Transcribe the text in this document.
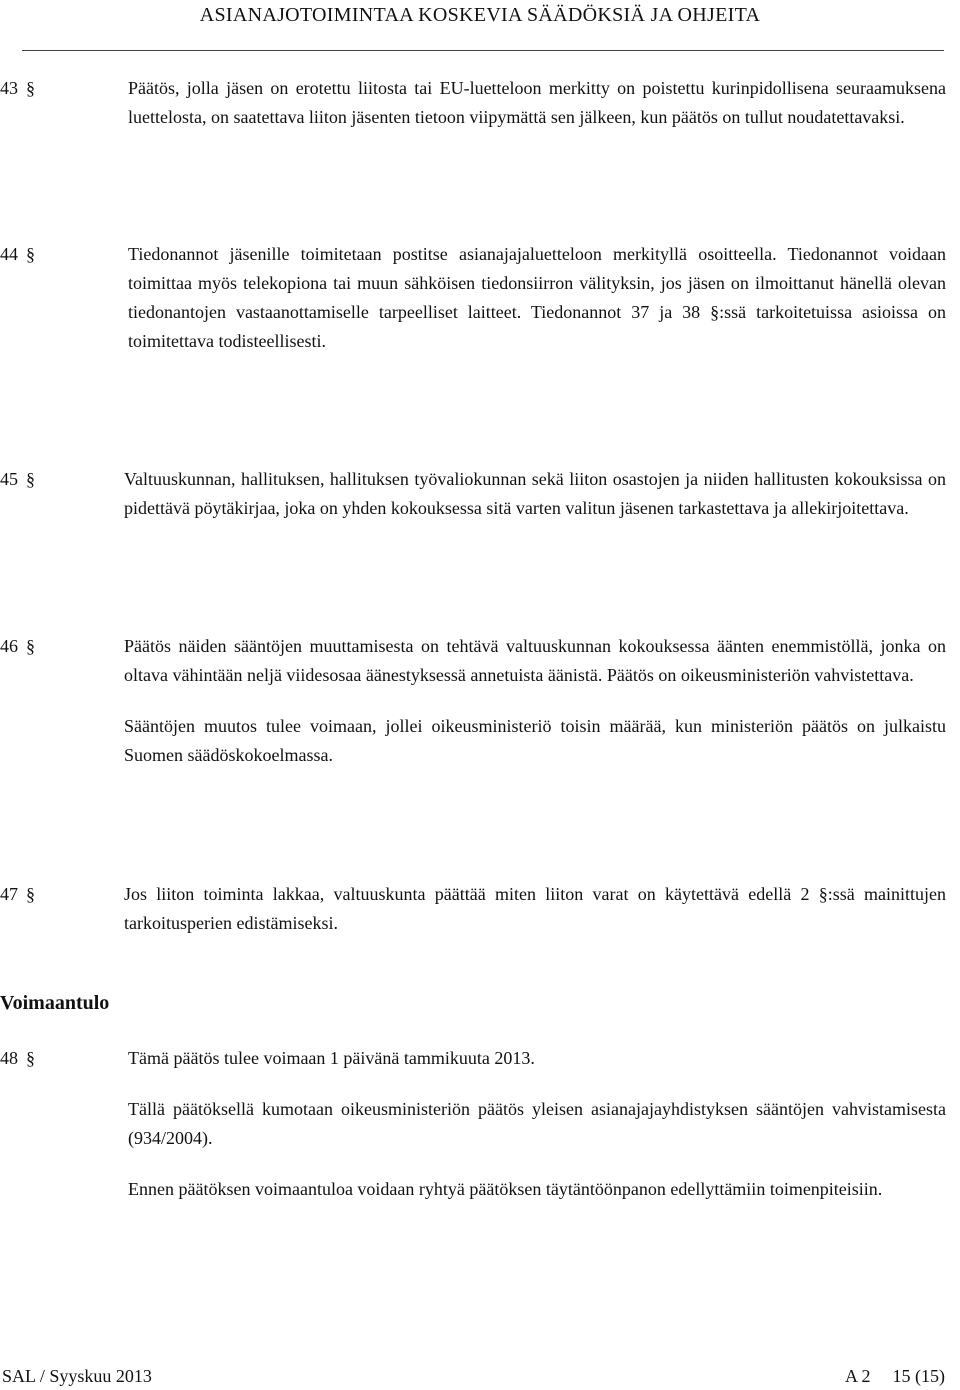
ASIANAJOTOIMINTAA KOSKEVIA SÄÄDÖKSIÄ JA OHJEITA
43 §	Päätös, jolla jäsen on erotettu liitosta tai EU-luetteloon merkitty on poistettu kurinpidollisena seuraamuksena luettelosta, on saatettava liiton jäsenten tietoon viipymättä sen jälkeen, kun päätös on tullut noudatettavaksi.

44 §	Tiedonannot jäsenille toimitetaan postitse asianajajaluetteloon merkityllä osoitteella. Tiedonannot voidaan toimittaa myös telekopiona tai muun sähköisen tiedonsiirron välityksin, jos jäsen on ilmoittanut hänellä olevan tiedonantojen vastaanottamiselle tarpeelliset laitteet. Tiedonannot 37 ja 38 §:ssä tarkoitetuissa asioissa on toimitettava todisteellisesti.

45 §	Valtuuskunnan, hallituksen, hallituksen työvaliokunnan sekä liiton osastojen ja niiden hallitusten kokouksissa on pidettävä pöytäkirjaa, joka on yhden kokouksessa sitä varten valitun jäsenen tarkastettava ja allekirjoitettava.

46 §	Päätös näiden sääntöjen muuttamisesta on tehtävä valtuuskunnan kokouksessa äänten enemmistöllä, jonka on oltava vähintään neljä viidesosaa äänestyksessä annetuista äänistä. Päätös on oikeusministeriön vahvistettava.

Sääntöjen muutos tulee voimaan, jollei oikeusministeriö toisin määrää, kun ministeriön päätös on julkaistu Suomen säädöskokoelmassa.

47 §	Jos liiton toiminta lakkaa, valtuuskunta päättää miten liiton varat on käytettävä edellä 2 §:ssä mainittujen tarkoitusperien edistämiseksi.

Voimaantulo
48 §	Tämä päätös tulee voimaan 1 päivänä tammikuuta 2013.

Tällä päätöksellä kumotaan oikeusministeriön päätös yleisen asianajajayhdistyksen sääntöjen vahvistamisesta (934/2004).

Ennen päätöksen voimaantuloa voidaan ryhtyä päätöksen täytäntöönpanon edellyttämiin toimenpiteisiin.

SAL / Syyskuu 2013	A 2 15 (15)
